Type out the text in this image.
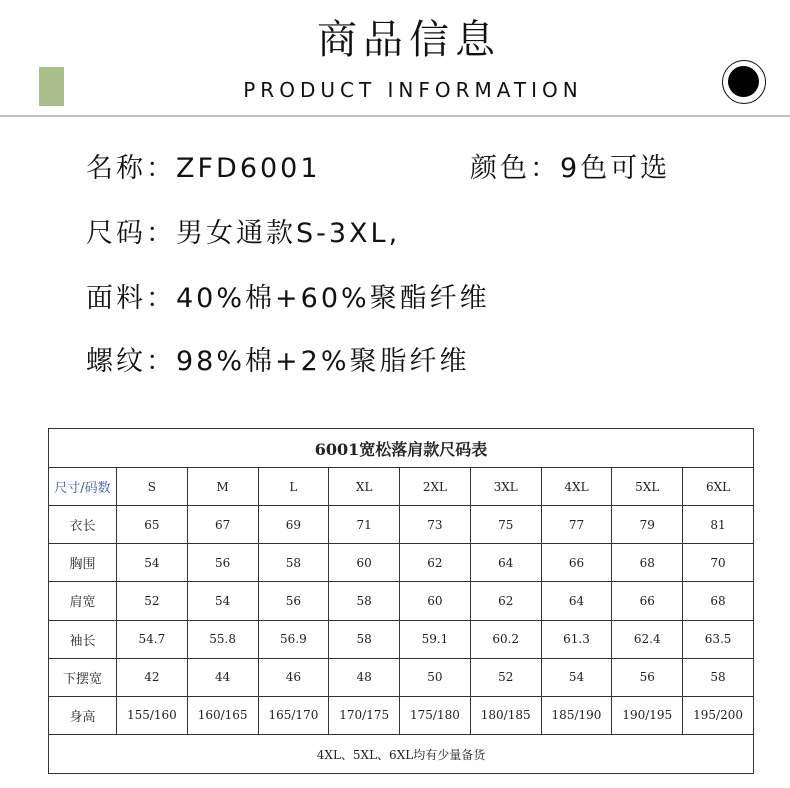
商品信息
PRODUCT INFORMATION
名称：ZFD6001	颜色：9色可选
尺码：男女通款S-3XL,
面料：40%棉+60%聚酯纤维
螺纹：98%棉+2%聚脂纤维
6001宽松落肩款尺码表									
尺寸/码数	S	M	L	XL	2XL	3XL	4XL	5XL	6XL
衣长	65	67	69	71	73	75	77	79	81
胸围	54	56	58	60	62	64	66	68	70
肩宽	52	54	56	58	60	62	64	66	68
袖长	54.7	55.8	56.9	58	59.1	60.2	61.3	62.4	63.5
下摆宽	42	44	46	48	50	52	54	56	58
身高	155/160	160/165	165/170	170/175	175/180	180/185	185/190	190/195	195/200
4XL、5XL、6XL均有少量备货									
